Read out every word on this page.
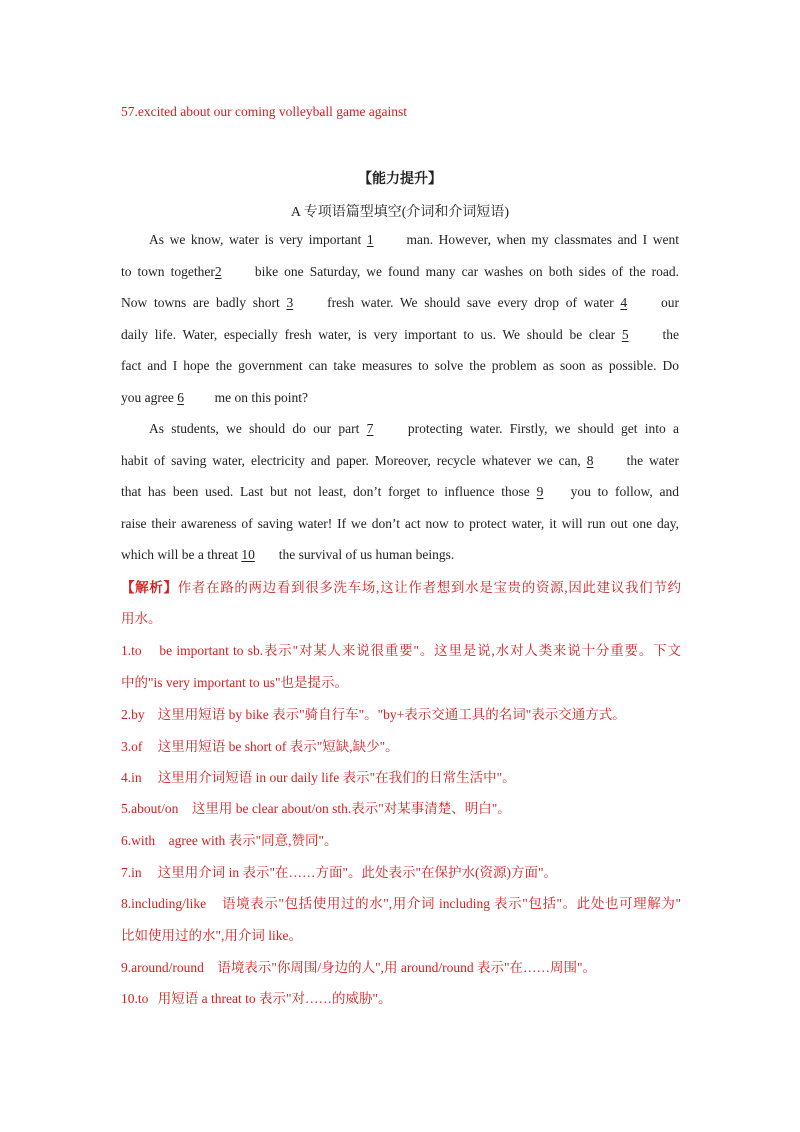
57.excited about our coming volleyball game against
【能力提升】
A 专项语篇型填空(介词和介词短语)
As we know, water is very important 1 man. However, when my classmates and I went
to town together2 bike one Saturday, we found many car washes on both sides of the road.
Now towns are badly short 3	fresh water. We should save every drop of water 4	our
daily life. Water, especially fresh water, is very important to us. We should be clear 5	the
fact and I hope the government can take measures to solve the problem as soon as possible. Do
you agree 6 me on this point?
As students, we should do our part 7	protecting water. Firstly, we should get into a
habit of saving water, electricity and paper. Moreover, recycle whatever we can, 8 the water
that has been used. Last but not least, don’t forget to influence those 9 you to follow, and
raise their awareness of saving water! If we don’t act now to protect water, it will run out one day,
which will be a threat 10 the survival of us human beings.
【解析】作者在路的两边看到很多洗车场,这让作者想到水是宝贵的资源,因此建议我们节约
用水。
1.to be important to sb.表示"对某人来说很重要"。这里是说,水对人类来说十分重要。下文
中的"is very important to us"也是提示。
2.by 这里用短语 by bike 表示"骑自行车"。"by+表示交通工具的名词"表示交通方式。
3.of 这里用短语 be short of 表示"短缺,缺少"。
4.in 这里用介词短语 in our daily life 表示"在我们的日常生活中"。
5.about/on 这里用 be clear about/on sth.表示"对某事清楚、明白"。
6.with agree with 表示"同意,赞同"。
7.in 这里用介词 in 表示"在……方面"。此处表示"在保护水(资源)方面"。
8.including/like 语境表示"包括使用过的水",用介词 including 表示"包括"。此处也可理解为"
比如使用过的水",用介词 like。
9.around/round 语境表示"你周围/身边的人",用 around/round 表示"在……周围"。
10.to 用短语 a threat to 表示"对……的威胁"。
